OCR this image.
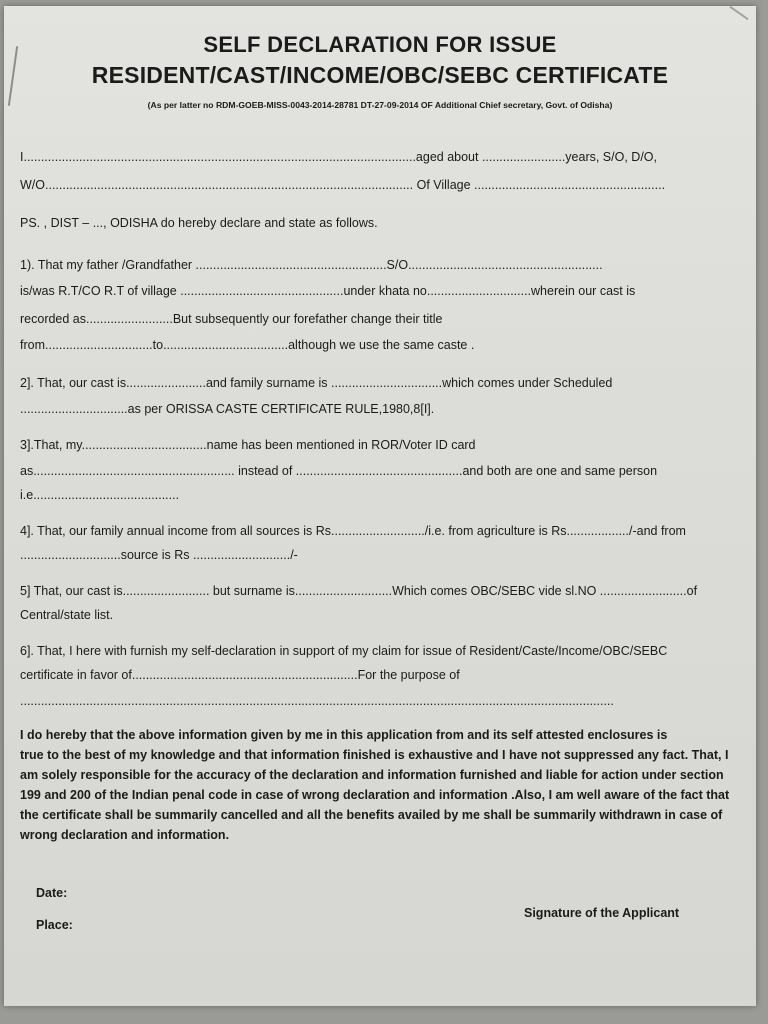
SELF DECLARATION FOR ISSUE
RESIDENT/CAST/INCOME/OBC/SEBC CERTIFICATE
(As per latter no RDM-GOEB-MISS-0043-2014-28781 DT-27-09-2014 OF Additional Chief secretary, Govt. of Odisha)
I.................................................................................................................aged about ........................years, S/O, D/O,
W/O.......................................................................................................... Of Village .......................................................
PS. , DIST – ..., ODISHA do hereby declare and state as follows.
1). That my father /Grandfather .......................................................S/O........................................................
is/was R.T/CO R.T of village ...............................................under khata no..............................wherein our cast is
recorded as.........................But subsequently our forefather change their title
from...............................to....................................although we use the same caste .
2]. That, our cast is.......................and family surname is ................................which comes under Scheduled
...............................as per ORISSA CASTE CERTIFICATE RULE,1980,8[I].
3].That, my....................................name has been mentioned in ROR/Voter ID card
as.......................................................... instead of ................................................and both are one and same person
i.e..........................................
4]. That, our family annual income from all sources is Rs.........................../i.e. from agriculture is Rs................../-and from
.............................source is Rs ............................/-
5] That, our cast is......................... but surname is............................Which comes OBC/SEBC vide sl.NO .........................of
Central/state list.
6]. That, I here with furnish my self-declaration in support of my claim for issue of Resident/Caste/Income/OBC/SEBC
certificate in favor of.................................................................For the purpose of
...........................................................................................................................................................................
I do hereby that the above information given by me in this application from and its self attested enclosures is
true to the best of my knowledge and that information finished is exhaustive and I have not suppressed any fact. That, I
am solely responsible for the accuracy of the declaration and information furnished and liable for action under section
199 and 200 of the Indian penal code in case of wrong declaration and information .Also, I am well aware of the fact that
the certificate shall be summarily cancelled and all the benefits availed by me shall be summarily withdrawn in case of
wrong declaration and information.
Date:
Place:
Signature of the Applicant
